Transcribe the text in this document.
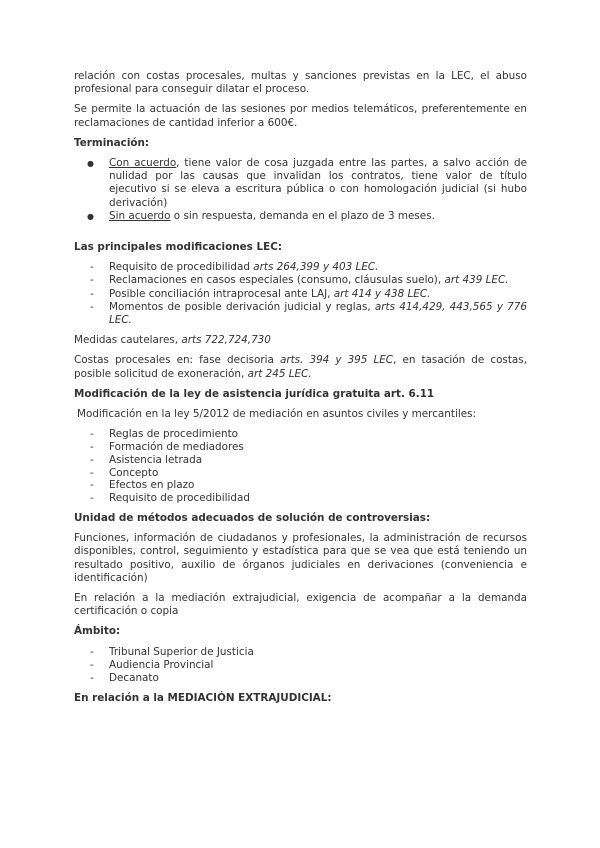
relación con costas procesales, multas y sanciones previstas en la LEC, el abuso profesional para conseguir dilatar el proceso.

Se permite la actuación de las sesiones por medios telemáticos, preferentemente en reclamaciones de cantidad inferior a 600€.

Terminación:
● Con acuerdo, tiene valor de cosa juzgada entre las partes, a salvo acción de nulidad por las causas que invalidan los contratos, tiene valor de título ejecutivo si se eleva a escritura pública o con homologación judicial (si hubo derivación)
● Sin acuerdo o sin respuesta, demanda en el plazo de 3 meses.
Las principales modificaciones LEC:
- Requisito de procedibilidad arts 264,399 y 403 LEC.
- Reclamaciones en casos especiales (consumo, cláusulas suelo), art 439 LEC.
- Posible conciliación intraprocesal ante LAJ, art 414 y 438 LEC.
- Momentos de posible derivación judicial y reglas, arts 414,429, 443,565 y 776 LEC.

Medidas cautelares, arts 722,724,730

Costas procesales en: fase decisoria arts. 394 y 395 LEC, en tasación de costas, posible solicitud de exoneración, art 245 LEC.

Modificación de la ley de asistencia jurídica gratuita art. 6.11

Modificación en la ley 5/2012 de mediación en asuntos civiles y mercantiles:

- Reglas de procedimiento
- Formación de mediadores
- Asistencia letrada
- Concepto
- Efectos en plazo
- Requisito de procedibilidad
Unidad de métodos adecuados de solución de controversias:

Funciones, información de ciudadanos y profesionales, la administración de recursos disponibles, control, seguimiento y estadística para que se vea que está teniendo un resultado positivo, auxilio de órganos judiciales en derivaciones (conveniencia e identificación)

En relación a la mediación extrajudicial, exigencia de acompañar a la demanda certificación o copia

Ámbito:
- Tribunal Superior de Justicia
- Audiencia Provincial
- Decanato
En relación a la MEDIACIÓN EXTRAJUDICIAL:
